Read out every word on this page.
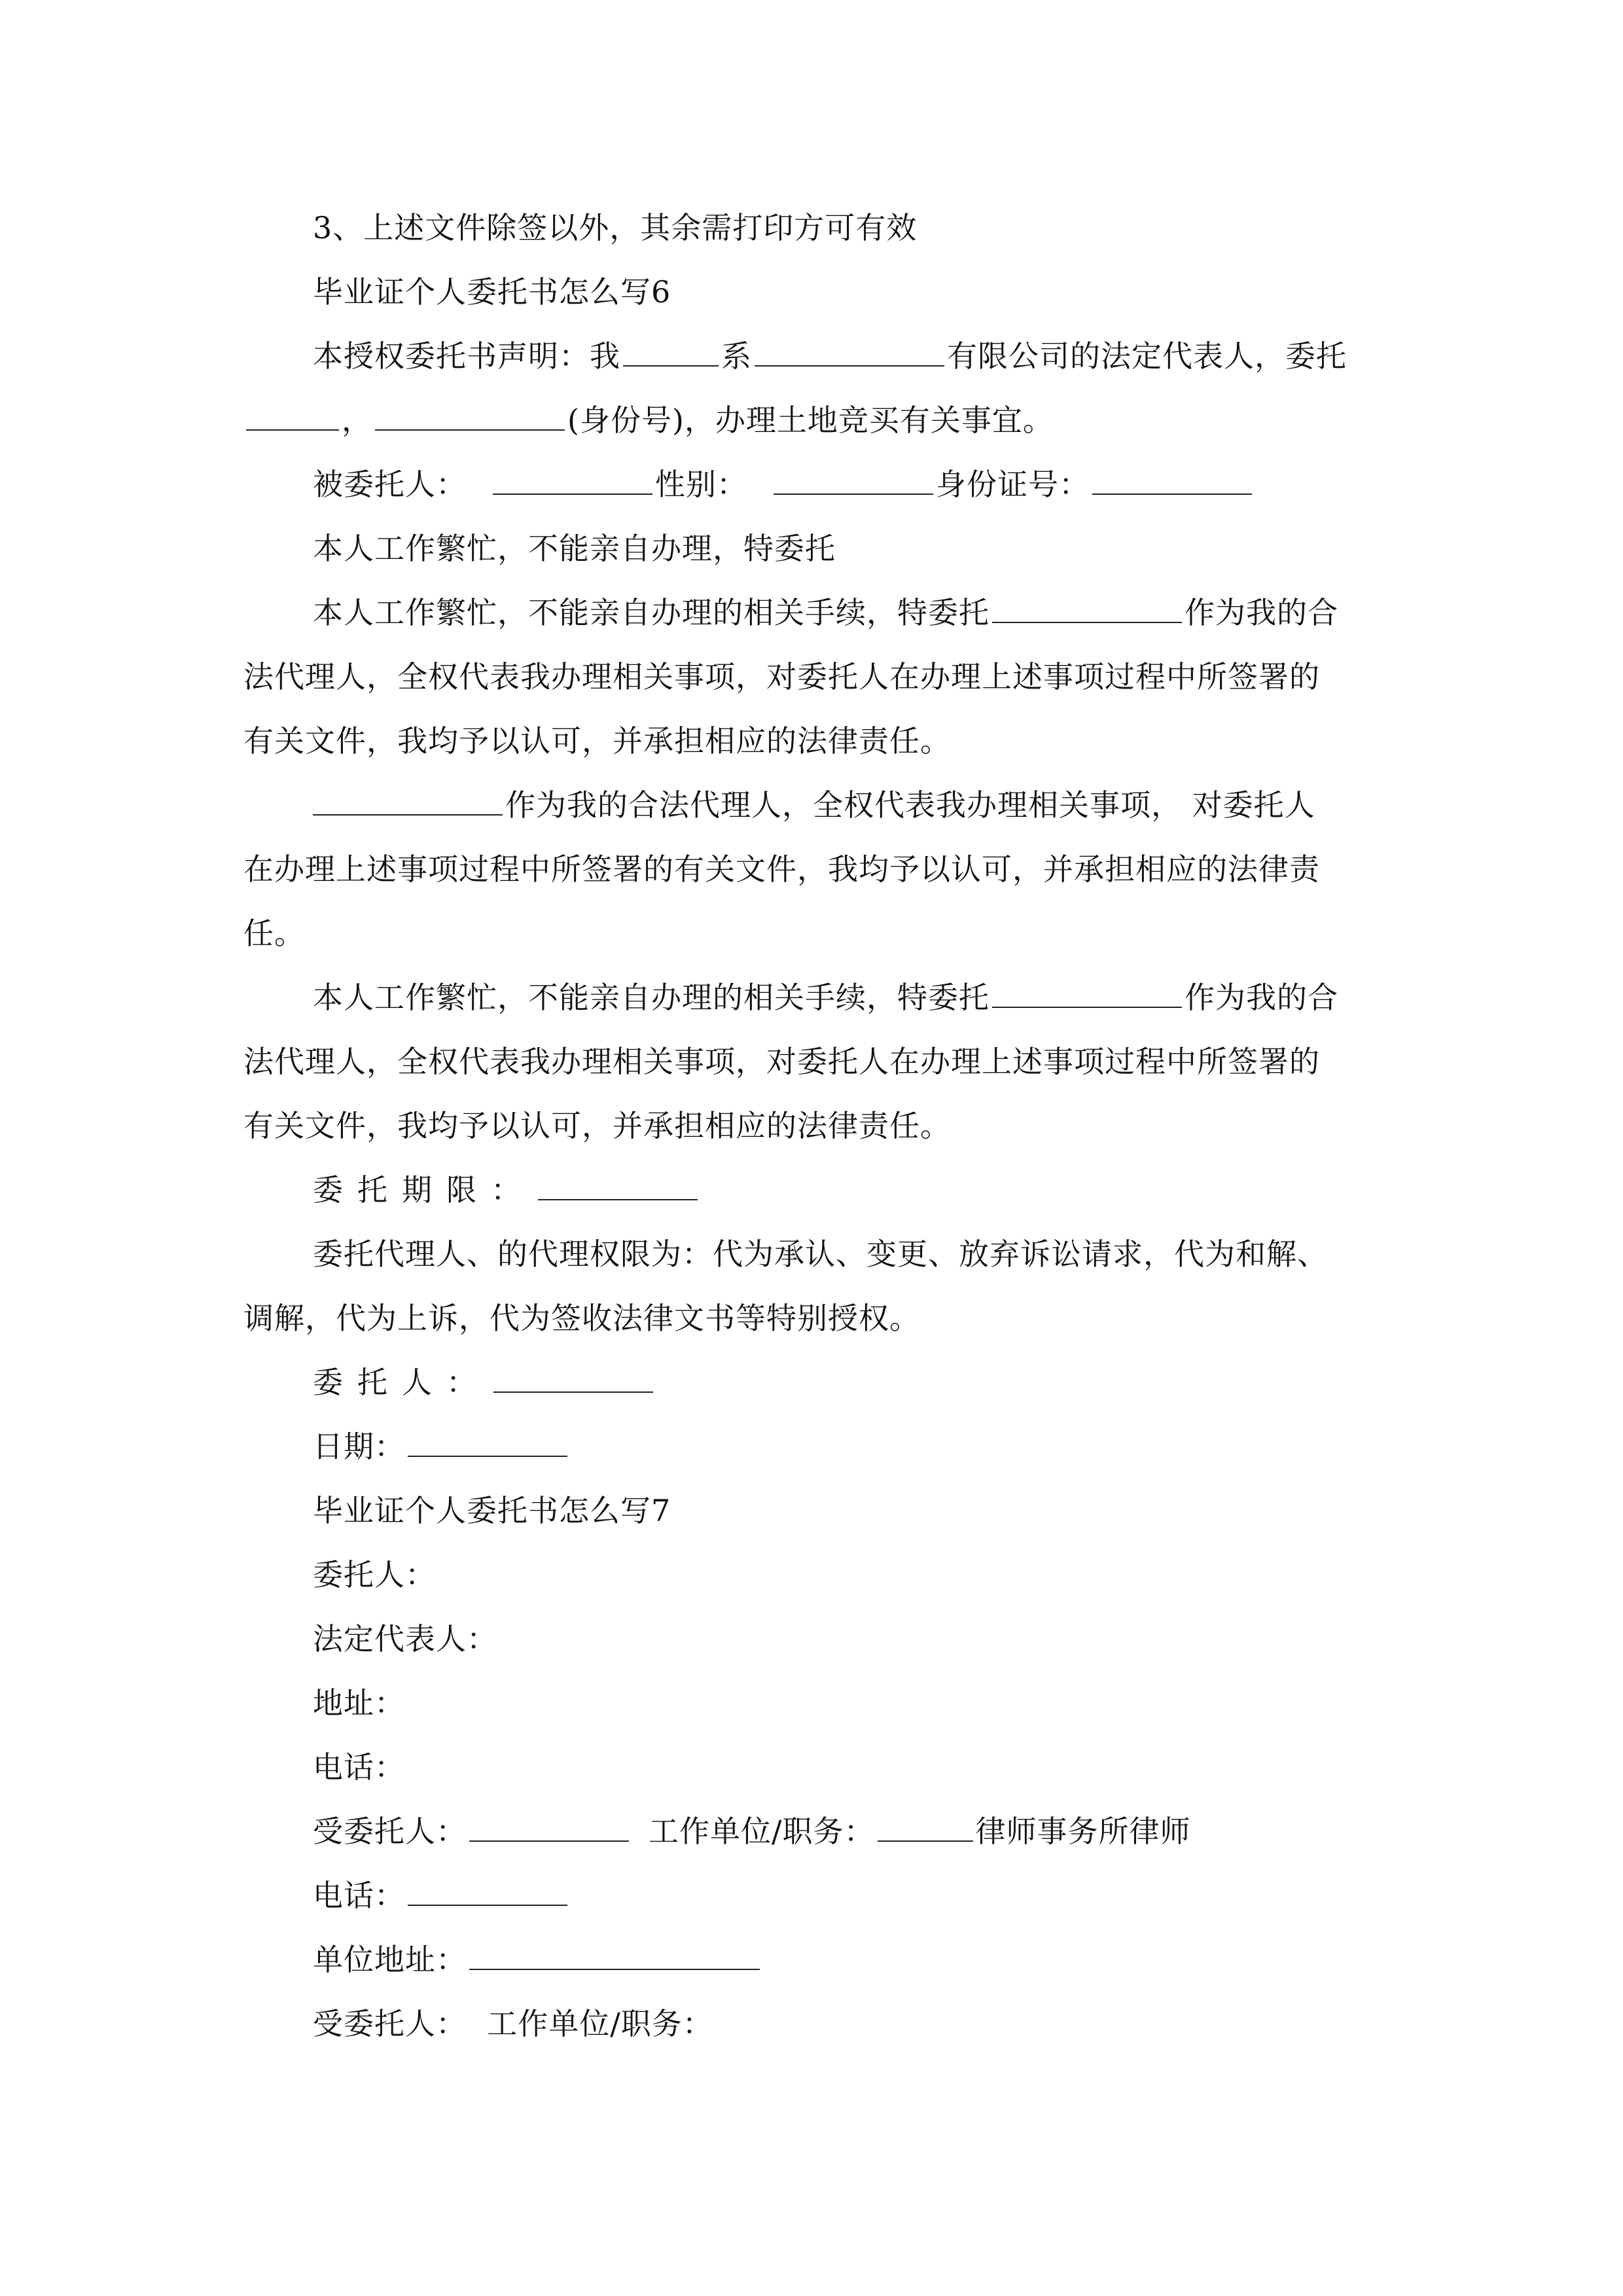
3、上述文件除签以外，其余需打印方可有效
毕业证个人委托书怎么写6
本授权委托书声明：我	系	有限公司的法定代表人，委托
，	(身份号)，办理土地竞买有关事宜。
被委托人：	性别：	身份证号：
本人工作繁忙，不能亲自办理，特委托
本人工作繁忙，不能亲自办理的相关手续，特委托	作为我的合
法代理人，全权代表我办理相关事项，对委托人在办理上述事项过程中所签署的
有关文件，我均予以认可，并承担相应的法律责任。
作为我的合法代理人，全权代表我办理相关事项， 对委托人
在办理上述事项过程中所签署的有关文件，我均予以认可，并承担相应的法律责
任。
本人工作繁忙，不能亲自办理的相关手续，特委托	作为我的合
法代理人，全权代表我办理相关事项，对委托人在办理上述事项过程中所签署的
有关文件，我均予以认可，并承担相应的法律责任。
委托期限：
委托代理人、的代理权限为：代为承认、变更、放弃诉讼请求，代为和解、
调解，代为上诉，代为签收法律文书等特别授权。
委托人：
日期：
毕业证个人委托书怎么写7
委托人：
法定代表人：
地址：
电话：
受委托人：	工作单位/职务：	律师事务所律师
电话：
单位地址：
受委托人：  工作单位/职务：
